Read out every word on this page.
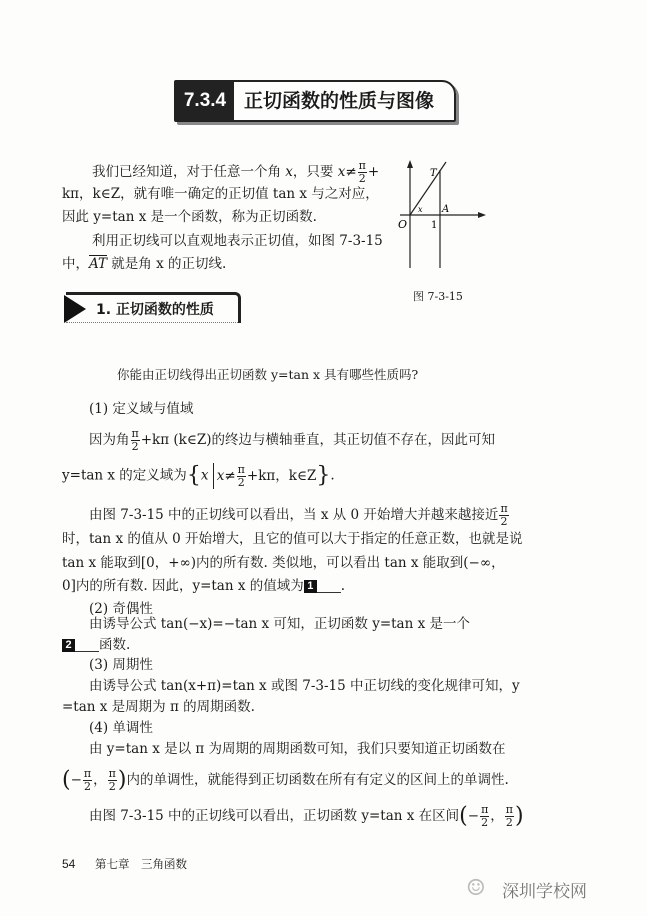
7.3.4 正切函数的性质与图像
我们已经知道，对于任意一个角 x，只要 $x\ne \frac{\pi}{2}$ +
kπ，k∈Z，就有唯一确定的正切值 tan x 与之对应，
因此 y=tan x 是一个函数，称为正切函数.
利用正切线可以直观地表示正切值，如图 7-3-15
中，$\overline{AT}$ 就是角 x 的正切线.
O
T
A
1
x
图 7-3-15
1. 正切函数的性质
你能由正切线得出正切函数 y=tan x 具有哪些性质吗?
(1) 定义域与值域
因为角 $\frac{\pi}{2} +k\pi$ (k∈Z)的终边与横轴垂直，其正切值不存在，因此可知
y=tan x 的定义域为{x $x\ne \frac{\pi}{2} +k\pi$，k∈Z}.
由图 7-3-15 中的正切线可以看出，当 x 从 0 开始增大并越来越接近 $\frac{\pi}{2}$
时，tan x 的值从 0 开始增大，且它的值可以大于指定的任意正数，也就是说
tan x 能取到[0，+∞)内的所有数. 类似地，可以看出 tan x 能取到(−∞，
0]内的所有数. 因此，y=tan x 的值域为 1 .
(2) 奇偶性
由诱导公式 tan(−x)=−tan x 可知，正切函数 y=tan x 是一个
2 函数.
(3) 周期性
由诱导公式 tan(x+π)=tan x 或图 7-3-15 中正切线的变化规律可知，y
=tan x 是周期为 π 的周期函数.
(4) 单调性
由 y=tan x 是以 π 为周期的周期函数可知，我们只要知道正切函数在
(− $\frac{\pi}{2}$ ， $\frac{\pi}{2}$ )内的单调性，就能得到正切函数在所有有定义的区间上的单调性.
由图 7-3-15 中的正切线可以看出，正切函数 y=tan x 在区间(− $\frac{\pi}{2}$ ， $\frac{\pi}{2}$ )
54 第七章　三角函数
☺ 深圳学校网
